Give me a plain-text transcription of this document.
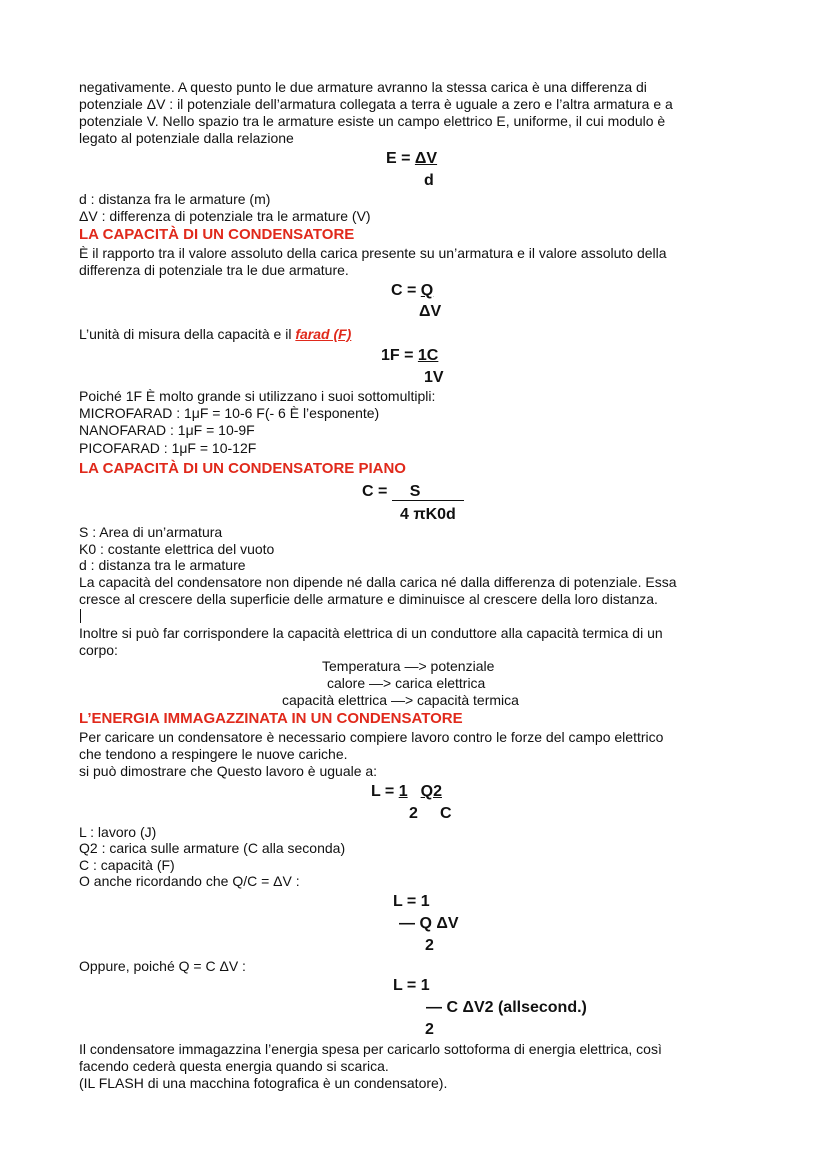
negativamente. A questo punto le due armature avranno la stessa carica è una differenza di
potenziale ΔV : il potenziale dell’armatura collegata a terra è uguale a zero e l’altra armatura e a
potenziale V. Nello spazio tra le armature esiste un campo elettrico E, uniforme, il cui modulo è
legato al potenziale dalla relazione
E = ΔV
d
d : distanza fra le armature (m)
ΔV : differenza di potenziale tra le armature (V)
LA CAPACITÀ DI UN CONDENSATORE
È il rapporto tra il valore assoluto della carica presente su un’armatura e il valore assoluto della
differenza di potenziale tra le due armature.
C = Q
ΔV
L’unità di misura della capacità e il farad (F)
1F = 1C
1V
Poiché 1F È molto grande si utilizzano i suoi sottomultipli:
MICROFARAD : 1μF = 10-6 F(- 6 È l’esponente)
NANOFARAD : 1μF = 10-9F
PICOFARAD : 1μF = 10-12F
LA CAPACITÀ DI UN CONDENSATORE PIANO
C = S
4 πK0d
S : Area di un’armatura
K0 : costante elettrica del vuoto
d : distanza tra le armature
La capacità del condensatore non dipende né dalla carica né dalla differenza di potenziale. Essa
cresce al crescere della superficie delle armature e diminuisce al crescere della loro distanza.
Inoltre si può far corrispondere la capacità elettrica di un conduttore alla capacità termica di un
corpo:
Temperatura —> potenziale
calore —> carica elettrica
capacità elettrica —> capacità termica
L’ENERGIA IMMAGAZZINATA IN UN CONDENSATORE
Per caricare un condensatore è necessario compiere lavoro contro le forze del campo elettrico
che tendono a respingere le nuove cariche.
si può dimostrare che Questo lavoro è uguale a:
L = 1 Q2
2 C
L : lavoro (J)
Q2 : carica sulle armature (C alla seconda)
C : capacità (F)
O anche ricordando che Q/C = ΔV :
L = 1
— Q ΔV
2
Oppure, poiché Q = C ΔV :
L = 1
— C ΔV2 (allsecond.)
2
Il condensatore immagazzina l’energia spesa per caricarlo sottoforma di energia elettrica, così
facendo cederà questa energia quando si scarica.
(IL FLASH di una macchina fotografica è un condensatore).
